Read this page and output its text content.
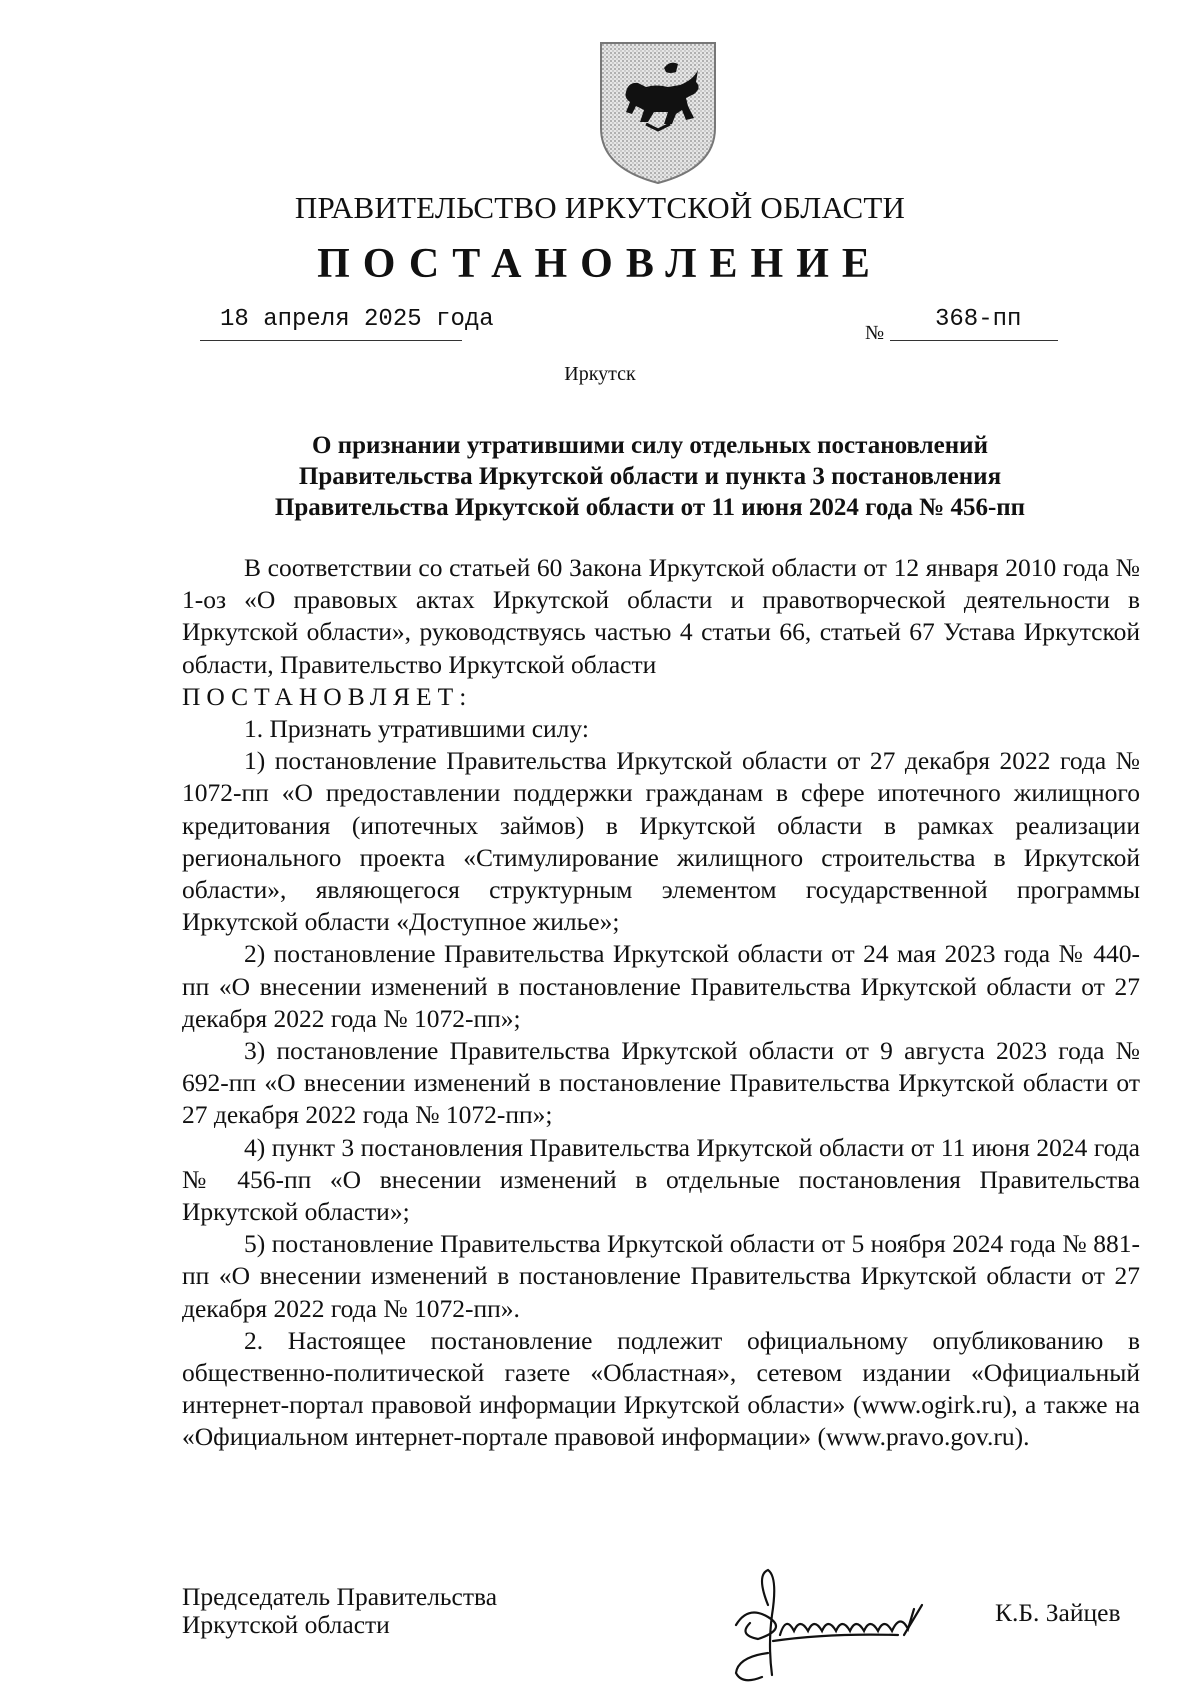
ПРАВИТЕЛЬСТВО ИРКУТСКОЙ ОБЛАСТИ
ПОСТАНОВЛЕНИЕ
18 апреля 2025 года	№ 368-пп
Иркутск
О признании утратившими силу отдельных постановлений
Правительства Иркутской области и пункта 3 постановления
Правительства Иркутской области от 11 июня 2024 года № 456-пп

В соответствии со статьей 60 Закона Иркутской области от 12 января 2010 года № 1-оз «О правовых актах Иркутской области и правотворческой деятельности в Иркутской области», руководствуясь частью 4 статьи 66, статьей 67 Устава Иркутской области, Правительство Иркутской области

ПОСТАНОВЛЯЕТ:

1. Признать утратившими силу:

1) постановление Правительства Иркутской области от 27 декабря 2022 года № 1072-пп «О предоставлении поддержки гражданам в сфере ипотечного жилищного кредитования (ипотечных займов) в Иркутской области в рамках реализации регионального проекта «Стимулирование жилищного строительства в Иркутской области», являющегося структурным элементом государственной программы Иркутской области «Доступное жилье»;

2) постановление Правительства Иркутской области от 24 мая 2023 года № 440-пп «О внесении изменений в постановление Правительства Иркутской области от 27 декабря 2022 года № 1072-пп»;

3) постановление Правительства Иркутской области от 9 августа 2023 года № 692-пп «О внесении изменений в постановление Правительства Иркутской области от 27 декабря 2022 года № 1072-пп»;

4) пункт 3 постановления Правительства Иркутской области от 11 июня 2024 года № 456-пп «О внесении изменений в отдельные постановления Правительства Иркутской области»;

5) постановление Правительства Иркутской области от 5 ноября 2024 года № 881-пп «О внесении изменений в постановление Правительства Иркутской области от 27 декабря 2022 года № 1072-пп».

2. Настоящее постановление подлежит официальному опубликованию в общественно-политической газете «Областная», сетевом издании «Официальный интернет-портал правовой информации Иркутской области» (www.ogirk.ru), а также на «Официальном интернет-портале правовой информации» (www.pravo.gov.ru).

Председатель Правительства
Иркутской области	К.Б. Зайцев
